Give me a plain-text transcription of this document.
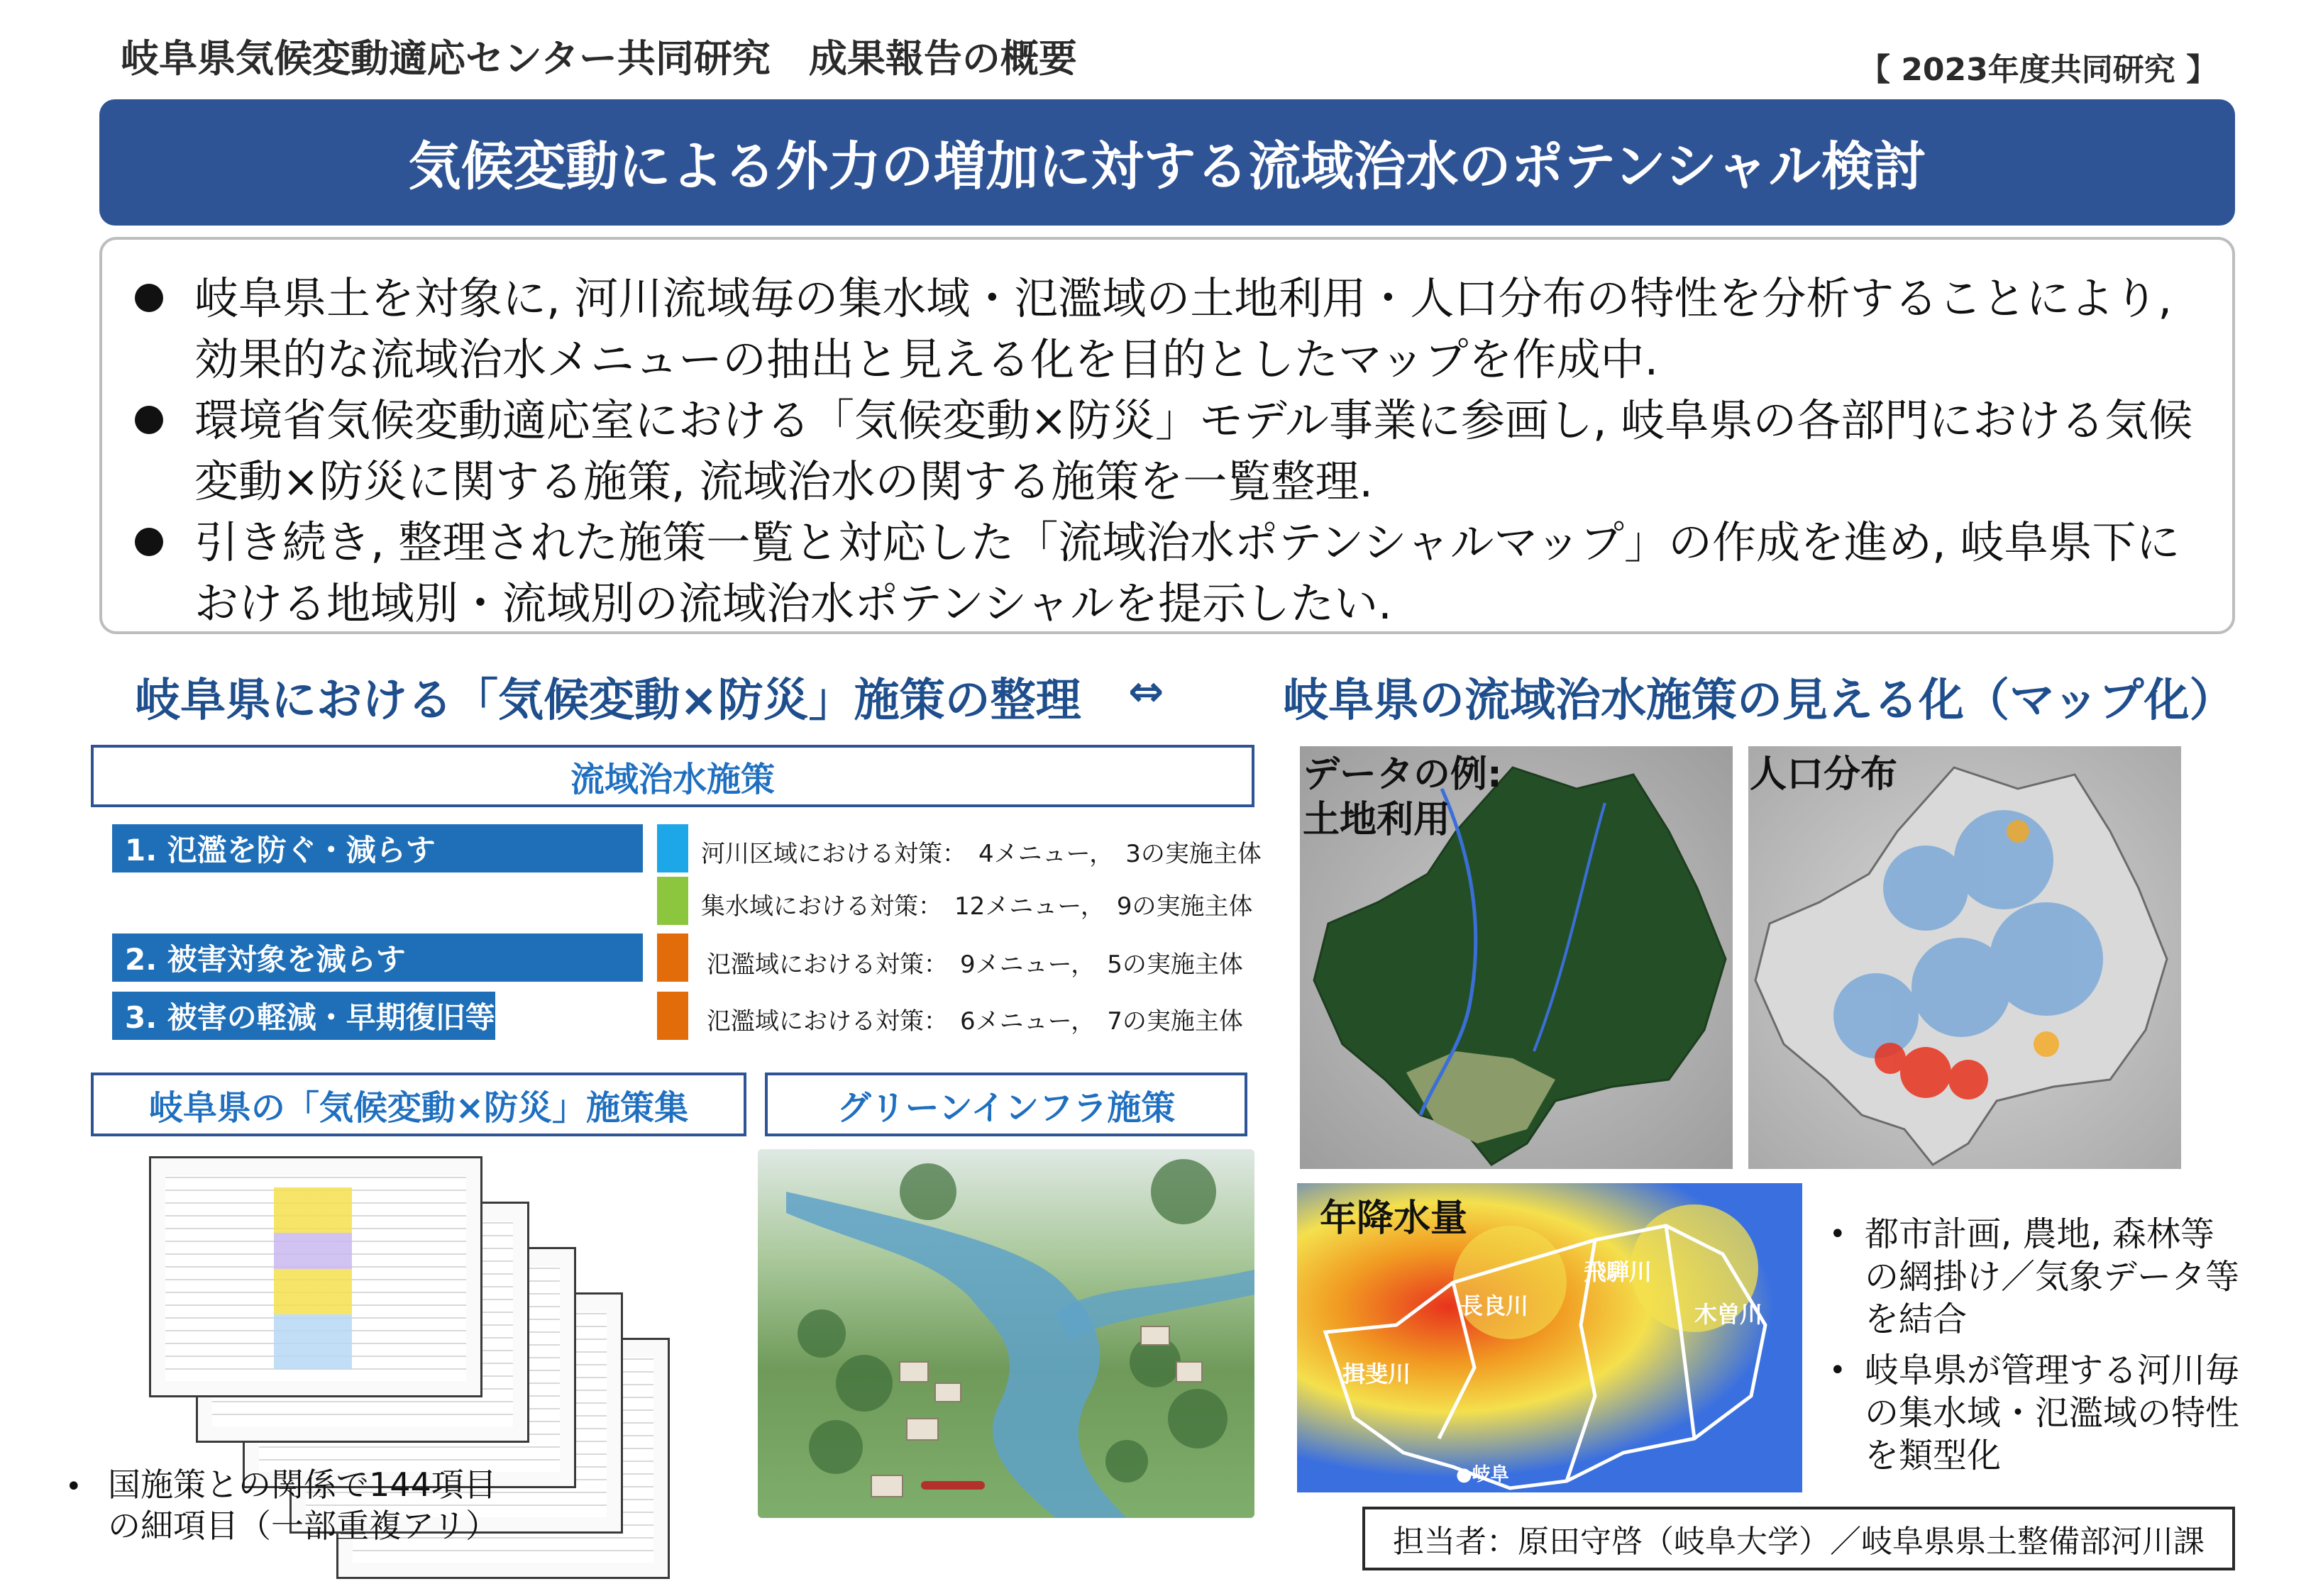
岐阜県気候変動適応センター共同研究　成果報告の概要	【 2023年度共同研究 】
気候変動による外力の増加に対する流域治水のポテンシャル検討
岐阜県土を対象に, 河川流域毎の集水域・氾濫域の土地利用・人口分布の特性を分析することにより, 効果的な流域治水メニューの抽出と見える化を目的としたマップを作成中.
環境省気候変動適応室における「気候変動×防災」モデル事業に参画し, 岐阜県の各部門における気候変動×防災に関する施策, 流域治水の関する施策を一覧整理.
引き続き, 整理された施策一覧と対応した「流域治水ポテンシャルマップ」の作成を進め, 岐阜県下における地域別・流域別の流域治水ポテンシャルを提示したい.
岐阜県における「気候変動×防災」施策の整理 ⇔
流域治水施策
1. 氾濫を防ぐ・減らす
2. 被害対象を減らす
3. 被害の軽減・早期復旧等
河川区域における対策：　4メニュー，　3の実施主体
集水域における対策：　12メニュー，　9の実施主体
氾濫域における対策：　9メニュー，　5の実施主体
氾濫域における対策：　6メニュー，　7の実施主体
岐阜県の「気候変動×防災」施策集	グリーンインフラ施策
• 国施策との関係で144項目
の細項目（一部重複アリ）
岐阜県の流域治水施策の見える化（マップ化）
データの例:
土地利用
人口分布
年降水量
長良川
飛騨川
木曽川
揖斐川
●岐阜
• 都市計画, 農地, 森林等
の網掛け／気象データ等
を結合
• 岐阜県が管理する河川毎
の集水域・氾濫域の特性
を類型化
担当者：原田守啓（岐阜大学）／岐阜県県土整備部河川課
